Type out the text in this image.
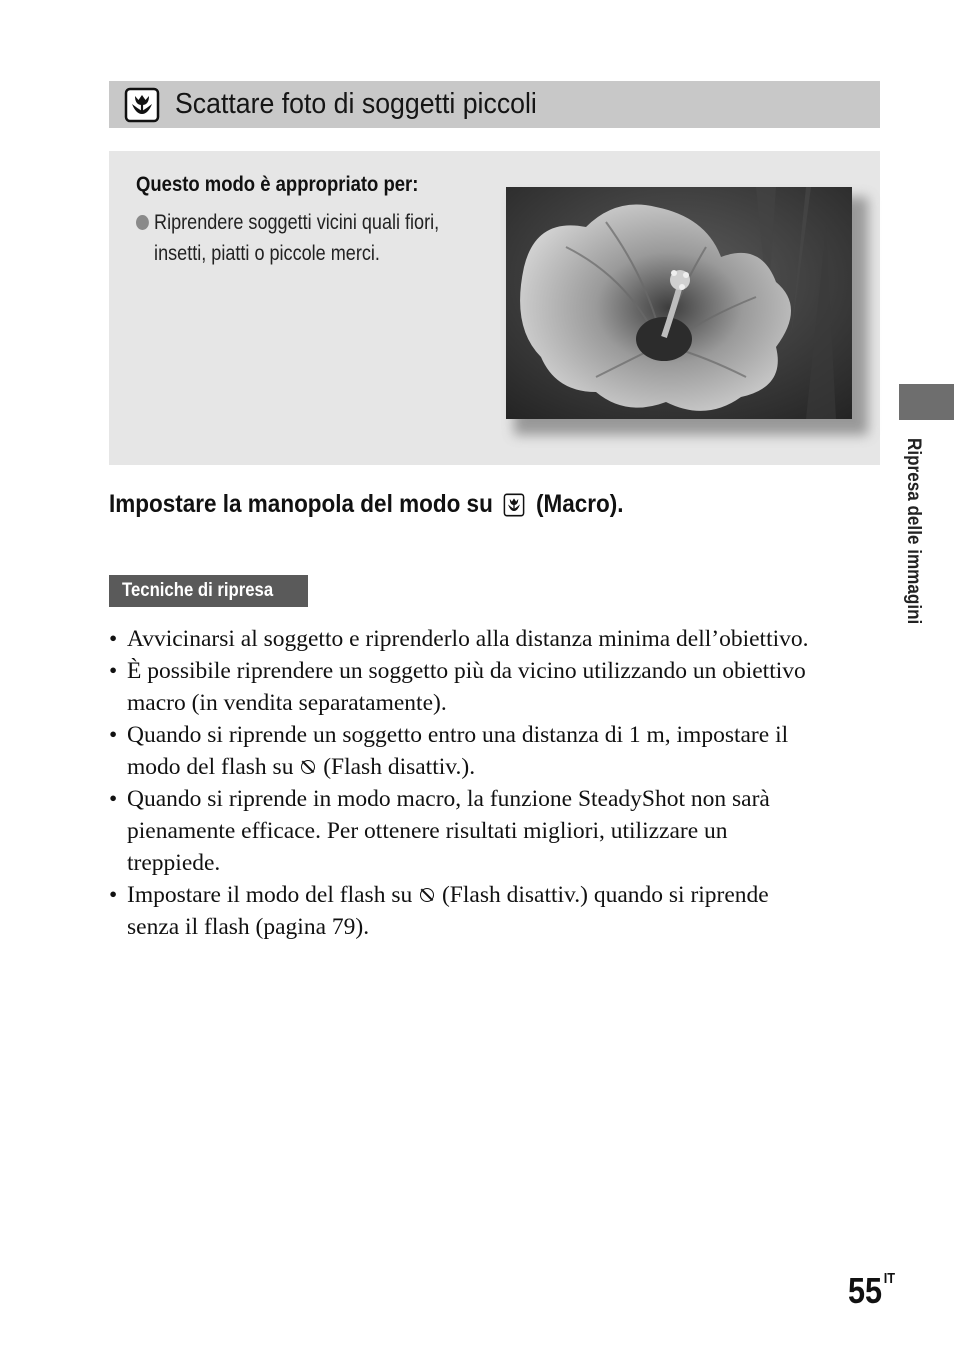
Scattare foto di soggetti piccoli
Questo modo è appropriato per:
Riprendere soggetti vicini quali fiori,
insetti, piatti o piccole merci.
Impostare la manopola del modo su (Macro).
Tecniche di ripresa
• Avvicinarsi al soggetto e riprenderlo alla distanza minima dell’obiettivo.
• È possibile riprendere un soggetto più da vicino utilizzando un obiettivo
macro (in vendita separatamente).
• Quando si riprende un soggetto entro una distanza di 1 m, impostare il
modo del flash su (Flash disattiv.).
• Quando si riprende in modo macro, la funzione SteadyShot non sarà
pienamente efficace. Per ottenere risultati migliori, utilizzare un
treppiede.
• Impostare il modo del flash su (Flash disattiv.) quando si riprende
senza il flash (pagina 79).
Ripresa delle immagini
55 $^{IT}$
